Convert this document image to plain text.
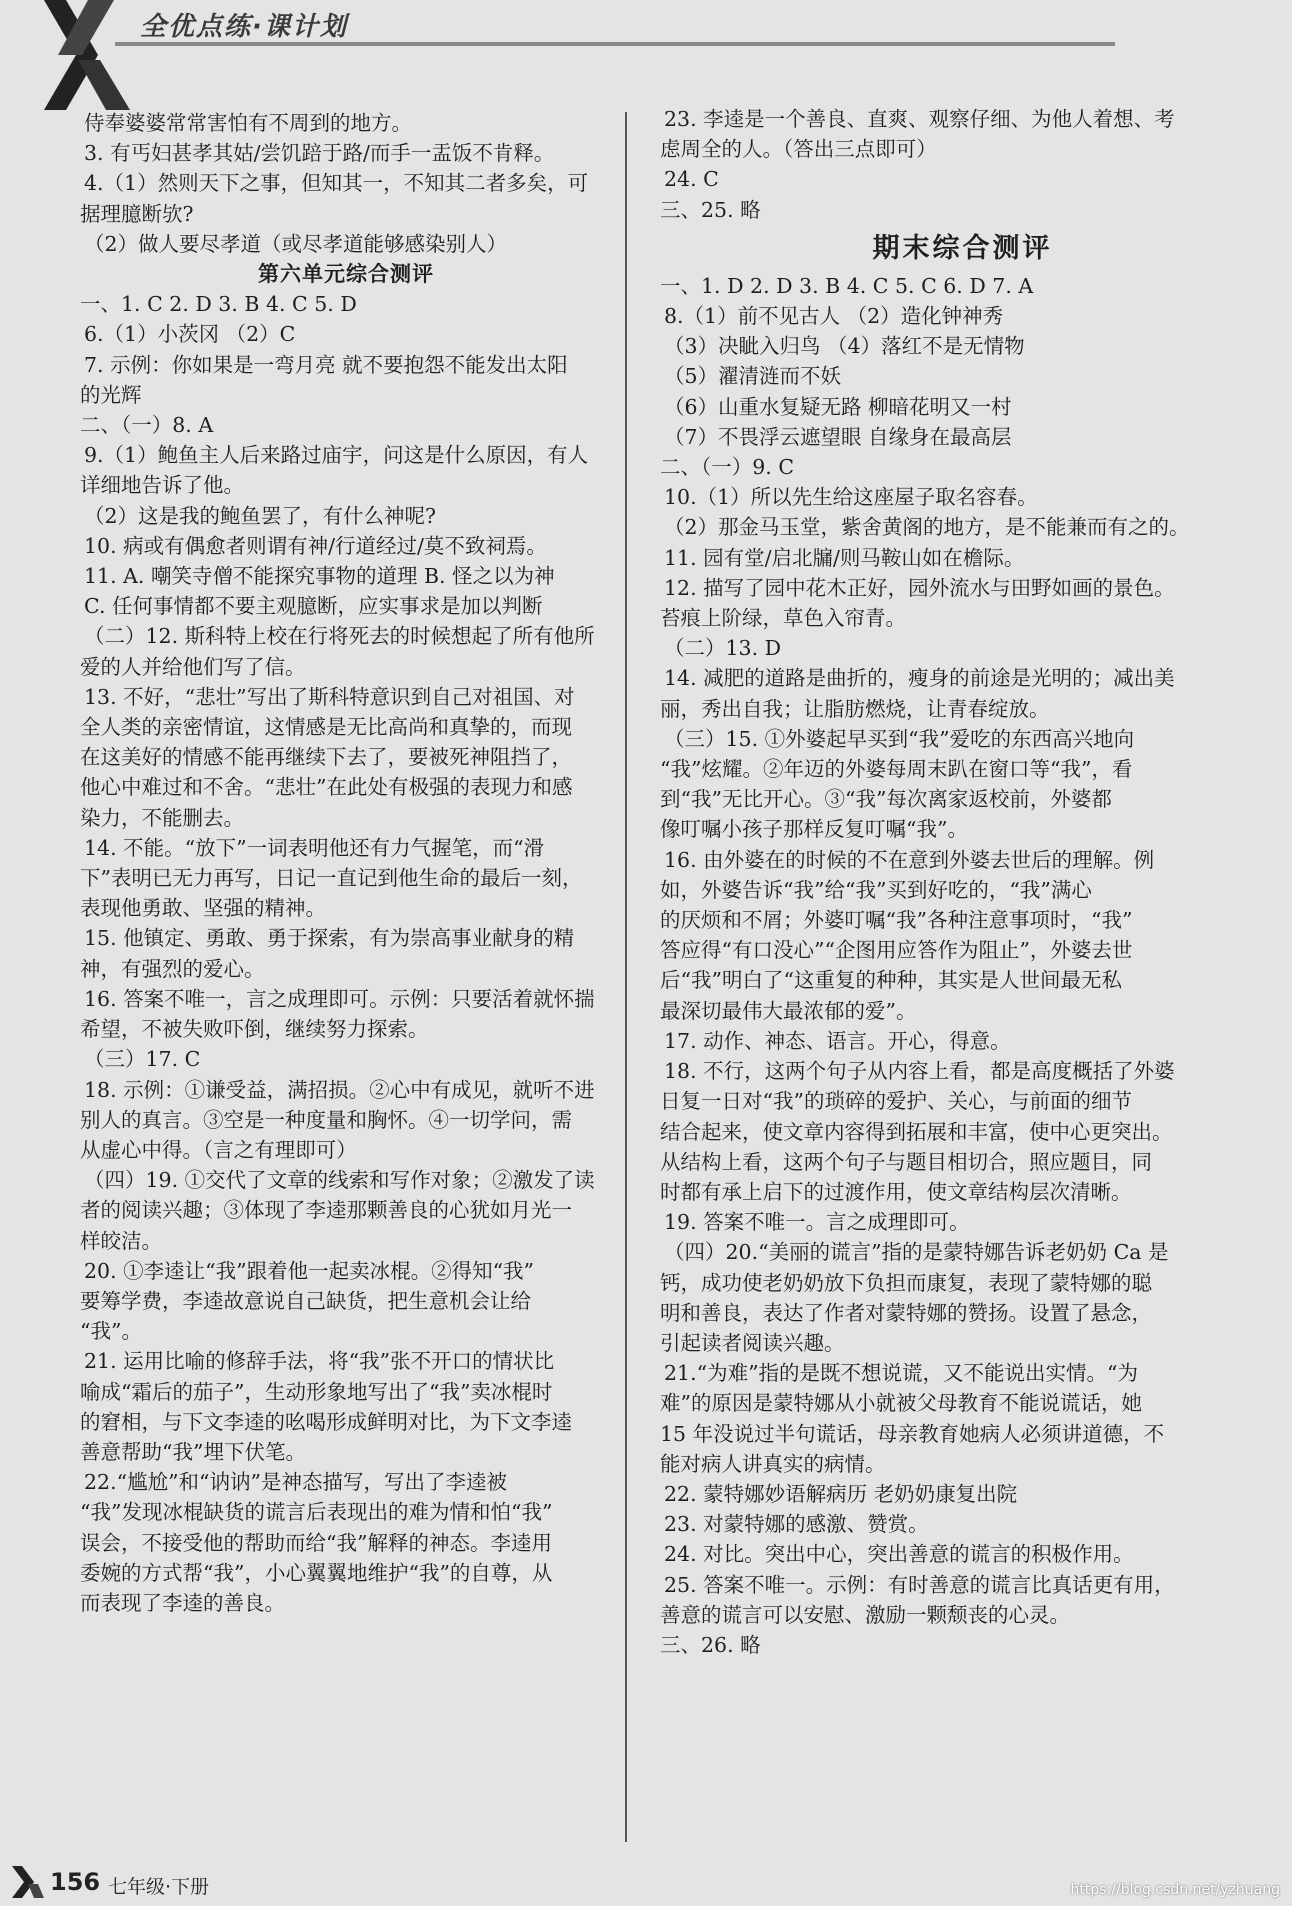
全优点练·课计划
侍奉婆婆常常害怕有不周到的地方。
3. 有丐妇甚孝其姑/尝饥踣于路/而手一盂饭不肯释。
4.（1）然则天下之事，但知其一，不知其二者多矣，可
据理臆断欤?
（2）做人要尽孝道（或尽孝道能够感染别人）
第六单元综合测评
一、1. C 2. D 3. B 4. C 5. D
6.（1）小茨冈 （2）C
7. 示例：你如果是一弯月亮 就不要抱怨不能发出太阳
的光辉
二、（一）8. A
9.（1）鲍鱼主人后来路过庙宇，问这是什么原因，有人
详细地告诉了他。
（2）这是我的鲍鱼罢了，有什么神呢?
10. 病或有偶愈者则谓有神/行道经过/莫不致祠焉。
11. A. 嘲笑寺僧不能探究事物的道理 B. 怪之以为神
C. 任何事情都不要主观臆断，应实事求是加以判断
（二）12. 斯科特上校在行将死去的时候想起了所有他所
爱的人并给他们写了信。
13. 不好，“悲壮”写出了斯科特意识到自己对祖国、对
全人类的亲密情谊，这情感是无比高尚和真挚的，而现
在这美好的情感不能再继续下去了，要被死神阻挡了，
他心中难过和不舍。“悲壮”在此处有极强的表现力和感
染力，不能删去。
14. 不能。“放下”一词表明他还有力气握笔，而“滑
下”表明已无力再写，日记一直记到他生命的最后一刻，
表现他勇敢、坚强的精神。
15. 他镇定、勇敢、勇于探索，有为崇高事业献身的精
神，有强烈的爱心。
16. 答案不唯一，言之成理即可。示例：只要活着就怀揣
希望，不被失败吓倒，继续努力探索。
（三）17. C
18. 示例：①谦受益，满招损。②心中有成见，就听不进
别人的真言。③空是一种度量和胸怀。④一切学问，需
从虚心中得。（言之有理即可）
（四）19. ①交代了文章的线索和写作对象；②激发了读
者的阅读兴趣；③体现了李逵那颗善良的心犹如月光一
样皎洁。
20. ①李逵让“我”跟着他一起卖冰棍。②得知“我”
要筹学费，李逵故意说自己缺货，把生意机会让给
“我”。
21. 运用比喻的修辞手法，将“我”张不开口的情状比
喻成“霜后的茄子”，生动形象地写出了“我”卖冰棍时
的窘相，与下文李逵的吆喝形成鲜明对比，为下文李逵
善意帮助“我”埋下伏笔。
22.“尴尬”和“讷讷”是神态描写，写出了李逵被
“我”发现冰棍缺货的谎言后表现出的难为情和怕“我”
误会，不接受他的帮助而给“我”解释的神态。李逵用
委婉的方式帮“我”，小心翼翼地维护“我”的自尊，从
而表现了李逵的善良。
23. 李逵是一个善良、直爽、观察仔细、为他人着想、考
虑周全的人。（答出三点即可）
24. C
三、25. 略
期末综合测评
一、1. D 2. D 3. B 4. C 5. C 6. D 7. A
8.（1）前不见古人 （2）造化钟神秀
（3）决眦入归鸟 （4）落红不是无情物
（5）濯清涟而不妖
（6）山重水复疑无路 柳暗花明又一村
（7）不畏浮云遮望眼 自缘身在最高层
二、（一）9. C
10.（1）所以先生给这座屋子取名容春。
（2）那金马玉堂，紫舍黄阁的地方，是不能兼而有之的。
11. 园有堂/启北牖/则马鞍山如在檐际。
12. 描写了园中花木正好，园外流水与田野如画的景色。
苔痕上阶绿，草色入帘青。
（二）13. D
14. 减肥的道路是曲折的，瘦身的前途是光明的；减出美
丽，秀出自我；让脂肪燃烧，让青春绽放。
（三）15. ①外婆起早买到“我”爱吃的东西高兴地向
“我”炫耀。②年迈的外婆每周末趴在窗口等“我”，看
到“我”无比开心。③“我”每次离家返校前，外婆都
像叮嘱小孩子那样反复叮嘱“我”。
16. 由外婆在的时候的不在意到外婆去世后的理解。例
如，外婆告诉“我”给“我”买到好吃的，“我”满心
的厌烦和不屑；外婆叮嘱“我”各种注意事项时，“我”
答应得“有口没心”“企图用应答作为阻止”，外婆去世
后“我”明白了“这重复的种种，其实是人世间最无私
最深切最伟大最浓郁的爱”。
17. 动作、神态、语言。开心，得意。
18. 不行，这两个句子从内容上看，都是高度概括了外婆
日复一日对“我”的琐碎的爱护、关心，与前面的细节
结合起来，使文章内容得到拓展和丰富，使中心更突出。
从结构上看，这两个句子与题目相切合，照应题目，同
时都有承上启下的过渡作用，使文章结构层次清晰。
19. 答案不唯一。言之成理即可。
（四）20.“美丽的谎言”指的是蒙特娜告诉老奶奶 Ca 是
钙，成功使老奶奶放下负担而康复，表现了蒙特娜的聪
明和善良，表达了作者对蒙特娜的赞扬。设置了悬念，
引起读者阅读兴趣。
21.“为难”指的是既不想说谎，又不能说出实情。“为
难”的原因是蒙特娜从小就被父母教育不能说谎话，她
15 年没说过半句谎话，母亲教育她病人必须讲道德，不
能对病人讲真实的病情。
22. 蒙特娜妙语解病历 老奶奶康复出院
23. 对蒙特娜的感激、赞赏。
24. 对比。突出中心，突出善意的谎言的积极作用。
25. 答案不唯一。示例：有时善意的谎言比真话更有用，
善意的谎言可以安慰、激励一颗颓丧的心灵。
三、26. 略
156 七年级·下册	https://blog.csdn.net/yzhuang
